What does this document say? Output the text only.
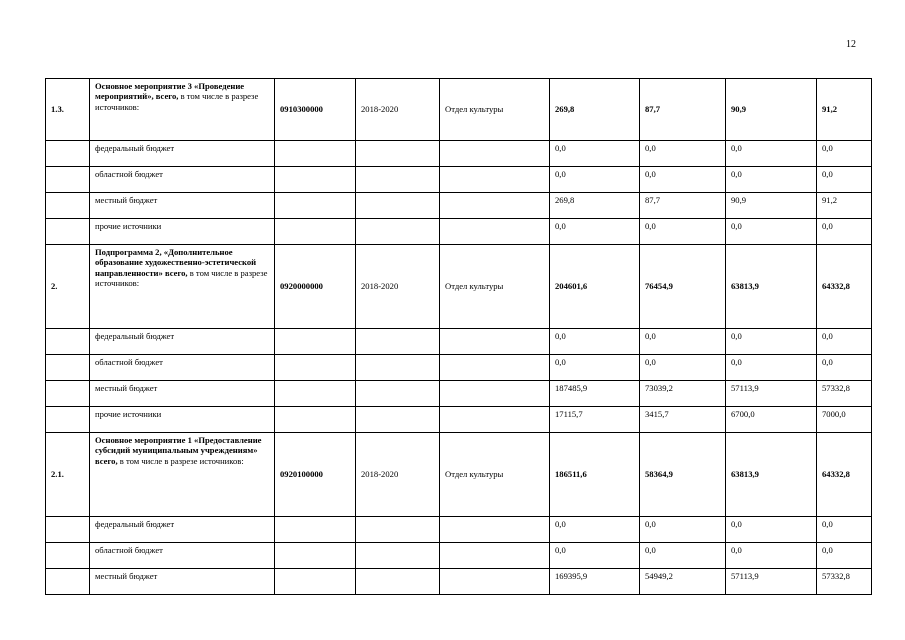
12
1.3.	Основное мероприятие 3 «Проведение мероприятий», всего, в том числе в разрезе источников:	0910300000	2018-2020	Отдел культуры	269,8	87,7	90,9	91,2
	федеральный бюджет				0,0	0,0	0,0	0,0
	областной бюджет				0,0	0,0	0,0	0,0
	местный бюджет				269,8	87,7	90,9	91,2
	прочие источники				0,0	0,0	0,0	0,0
2.	Подпрограмма 2, «Дополнительное образование художественно-эстетической направленности» всего, в том числе в разрезе источников:	0920000000	2018-2020	Отдел культуры	204601,6	76454,9	63813,9	64332,8
	федеральный бюджет				0,0	0,0	0,0	0,0
	областной бюджет				0,0	0,0	0,0	0,0
	местный бюджет				187485,9	73039,2	57113,9	57332,8
	прочие источники				17115,7	3415,7	6700,0	7000,0
2.1.	Основное мероприятие 1 «Предоставление субсидий муниципальным учреждениям» всего, в том числе в разрезе источников:	0920100000	2018-2020	Отдел культуры	186511,6	58364,9	63813,9	64332,8
	федеральный бюджет				0,0	0,0	0,0	0,0
	областной бюджет				0,0	0,0	0,0	0,0
	местный бюджет				169395,9	54949,2	57113,9	57332,8
